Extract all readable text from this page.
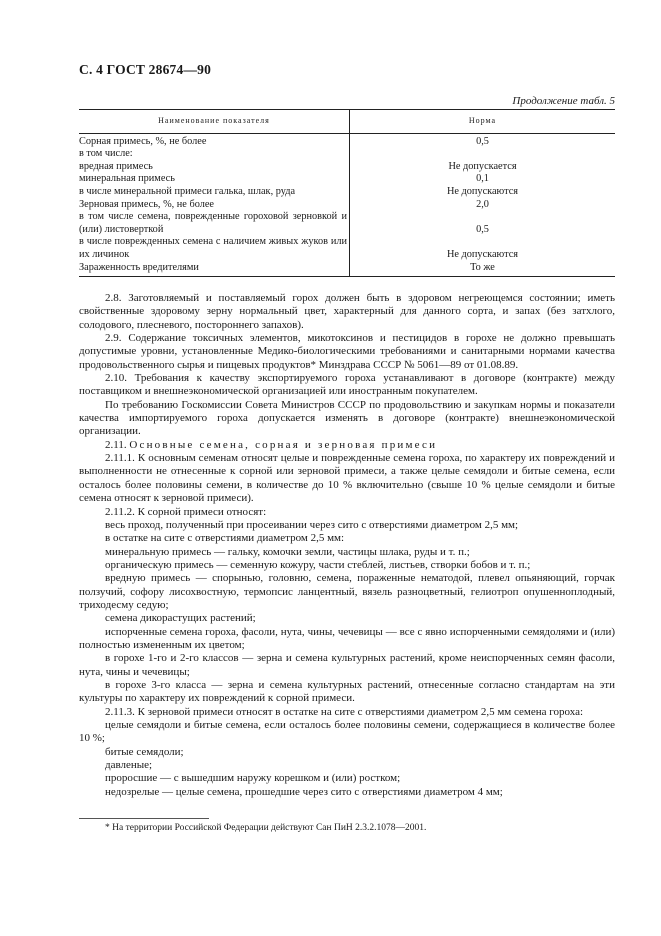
С. 4 ГОСТ 28674—90
Продолжение табл. 5
Наименование показателя	Норма
Сорная примесь, %, не более	0,5
в том числе:	
вредная примесь	Не допускается
минеральная примесь	0,1
в числе минеральной примеси галька, шлак, руда	Не допускаются
Зерновая примесь, %, не более	2,0
в том числе семена, поврежденные гороховой зерновкой и (или) листоверткой	0,5
в числе поврежденных семена с наличием живых жуков или их личинок	Не допускаются
Зараженность вредителями	То же

2.8. Заготовляемый и поставляемый горох должен быть в здоровом негреющемся состоянии; иметь свойственные здоровому зерну нормальный цвет, характерный для данного сорта, и запах (без затхлого, солодового, плесневого, постороннего запахов).

2.9. Содержание токсичных элементов, микотоксинов и пестицидов в горохе не должно превышать допустимые уровни, установленные Медико-биологическими требованиями и санитарными нормами качества продовольственного сырья и пищевых продуктов* Минздрава СССР № 5061—89 от 01.08.89.

2.10. Требования к качеству экспортируемого гороха устанавливают в договоре (контракте) между поставщиком и внешнеэкономической организацией или иностранным покупателем.

По требованию Госкомиссии Совета Министров СССР по продовольствию и закупкам нормы и показатели качества импортируемого гороха допускается изменять в договоре (контракте) внешнеэкономической организации.

2.11. Основные семена, сорная и зерновая примеси

2.11.1. К основным семенам относят целые и поврежденные семена гороха, по характеру их повреждений и выполненности не отнесенные к сорной или зерновой примеси, а также целые семядоли и битые семена, если осталось более половины семени, в количестве до 10 % включительно (свыше 10 % целые семядоли и битые семена относят к зерновой примеси).

2.11.2. К сорной примеси относят:

весь проход, полученный при просеивании через сито с отверстиями диаметром 2,5 мм;

в остатке на сите с отверстиями диаметром 2,5 мм:

минеральную примесь — гальку, комочки земли, частицы шлака, руды и т. п.;

органическую примесь — семенную кожуру, части стеблей, листьев, створки бобов и т. п.;

вредную примесь — спорынью, головню, семена, пораженные нематодой, плевел опьяняющий, горчак ползучий, софору лисохвостную, термопсис ланцентный, вязель разноцветный, гелиотроп опушенноплодный, триходесму седую;

семена дикорастущих растений;

испорченные семена гороха, фасоли, нута, чины, чечевицы — все с явно испорченными семядолями и (или) полностью измененным их цветом;

в горохе 1-го и 2-го классов — зерна и семена культурных растений, кроме неиспорченных семян фасоли, нута, чины и чечевицы;

в горохе 3-го класса — зерна и семена культурных растений, отнесенные согласно стандартам на эти культуры по характеру их повреждений к сорной примеси.

2.11.3. К зерновой примеси относят в остатке на сите с отверстиями диаметром 2,5 мм семена гороха:

целые семядоли и битые семена, если осталось более половины семени, содержащиеся в количестве более 10 %;

битые семядоли;

давленые;

проросшие — с вышедшим наружу корешком и (или) ростком;

недозрелые — целые семена, прошедшие через сито с отверстиями диаметром 4 мм;

* На территории Российской Федерации действуют Сан ПиН 2.3.2.1078—2001.
